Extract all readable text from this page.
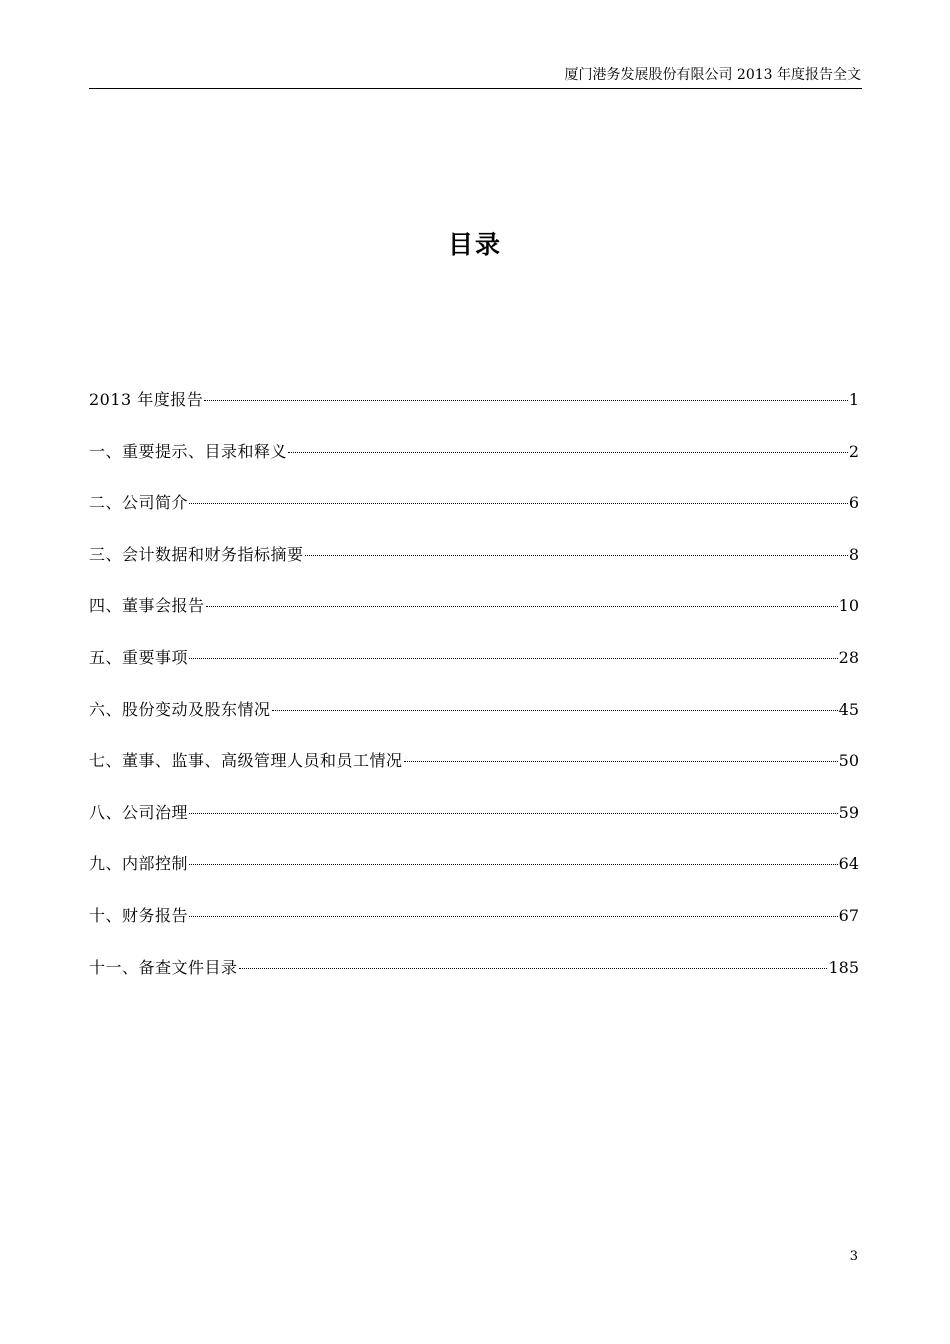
厦门港务发展股份有限公司 2013 年度报告全文
目录
2013 年度报告	1
一、重要提示、目录和释义	2
二、公司简介	6
三、会计数据和财务指标摘要	8
四、董事会报告	10
五、重要事项	28
六、股份变动及股东情况	45
七、董事、监事、高级管理人员和员工情况	50
八、公司治理	59
九、内部控制	64
十、财务报告	67
十一、备查文件目录	185
3
